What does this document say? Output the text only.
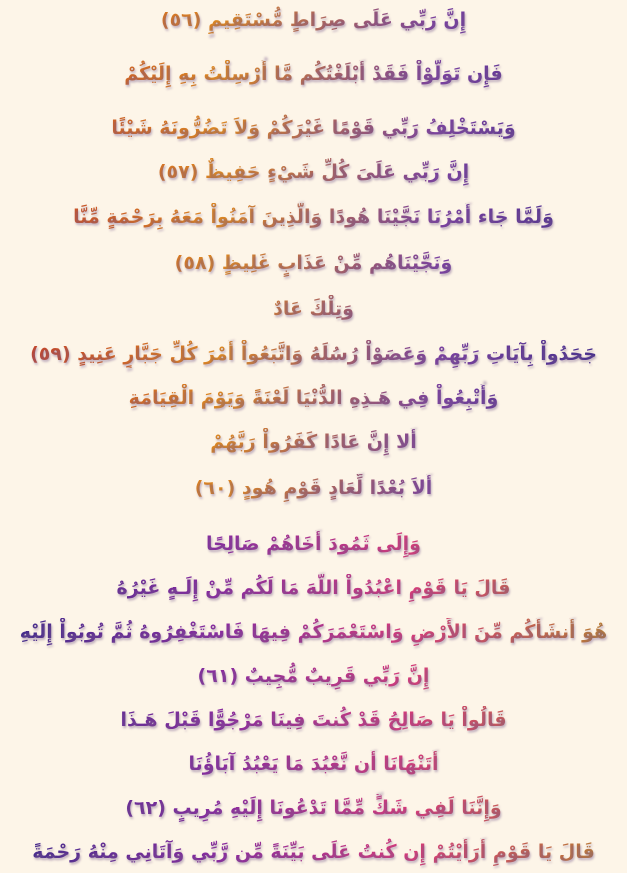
إِنَّ رَبِّي عَلَى صِرَاطٍ مُّسْتَقِيمٍ (٥٦)
فَإِن تَوَلَّوْاْ فَقَدْ أَبْلَغْتُكُم مَّا أُرْسِلْتُ بِهِ إِلَيْكُمْ
وَيَسْتَخْلِفُ رَبِّي قَوْمًا غَيْرَكُمْ وَلاَ تَضُرُّونَهُ شَيْئًا
إِنَّ رَبِّي عَلَىَ كُلِّ شَيْءٍ حَفِيظٌ (٥٧)
وَلَمَّا جَاء أَمْرُنَا نَجَّيْنَا هُودًا وَالَّذِينَ آمَنُواْ مَعَهُ بِرَحْمَةٍ مِّنَّا
وَنَجَّيْنَاهُم مِّنْ عَذَابٍ غَلِيظٍ (٥٨)
وَتِلْكَ عَادٌ
جَحَدُواْ بِآيَاتِ رَبِّهِمْ وَعَصَوْاْ رُسُلَهُ وَاتَّبَعُواْ أَمْرَ كُلِّ جَبَّارٍ عَنِيدٍ (٥٩)
وَأُتْبِعُواْ فِي هَـذِهِ الدُّنْيَا لَعْنَةً وَيَوْمَ الْقِيَامَةِ
أَلا إِنَّ عَادًا كَفَرُواْ رَبَّهُمْ
أَلاَ بُعْدًا لِّعَادٍ قَوْمِ هُودٍ (٦٠)
وَإِلَى ثَمُودَ أَخَاهُمْ صَالِحًا
قَالَ يَا قَوْمِ اعْبُدُواْ اللَّهَ مَا لَكُم مِّنْ إِلَـهٍ غَيْرُهُ
هُوَ أَنشَأَكُم مِّنَ الأَرْضِ وَاسْتَعْمَرَكُمْ فِيهَا فَاسْتَغْفِرُوهُ ثُمَّ تُوبُواْ إِلَيْهِ
إِنَّ رَبِّي قَرِيبٌ مُّجِيبٌ (٦١)
قَالُواْ يَا صَالِحُ قَدْ كُنتَ فِينَا مَرْجُوًّا قَبْلَ هَـذَا
أَتَنْهَانَا أَن نَّعْبُدَ مَا يَعْبُدُ آبَاؤُنَا
وَإِنَّنَا لَفِي شَكٍّ مِّمَّا تَدْعُونَا إِلَيْهِ مُرِيبٍ (٦٢)
قَالَ يَا قَوْمِ أَرَأَيْتُمْ إِن كُنتُ عَلَى بَيِّنَةً مِّن رَّبِّي وَآتَانِي مِنْهُ رَحْمَةً
